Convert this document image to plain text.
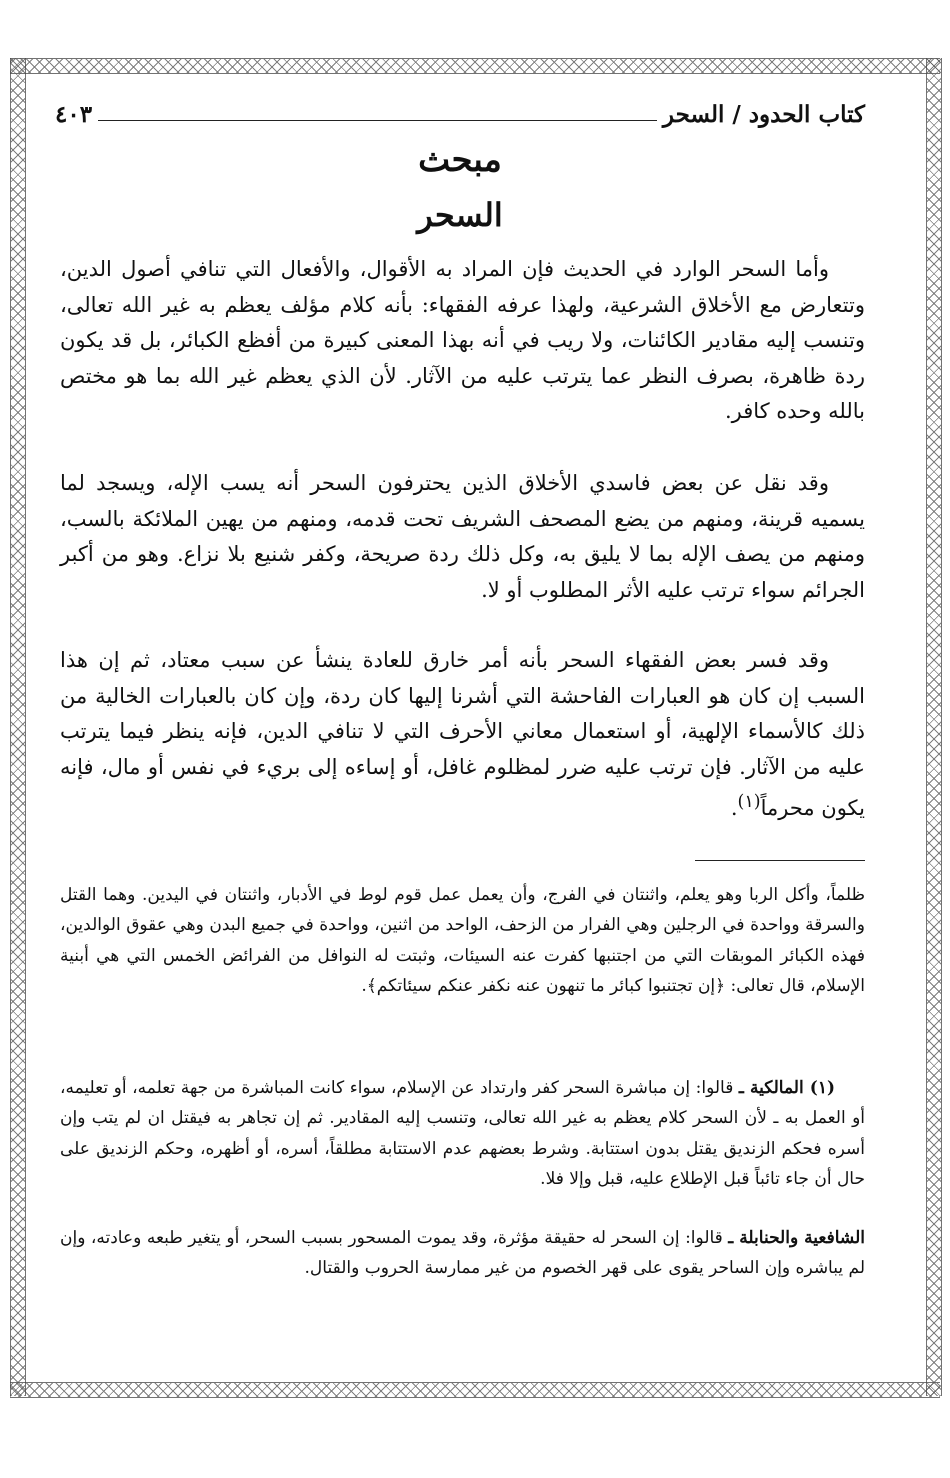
كتاب الحدود / السحر
٤٠٣
مبحث
السحر

وأما السحر الوارد في الحديث فإن المراد به الأقوال، والأفعال التي تنافي أصول الدين، وتتعارض مع الأخلاق الشرعية، ولهذا عرفه الفقهاء: بأنه كلام مؤلف يعظم به غير الله تعالى، وتنسب إليه مقادير الكائنات، ولا ريب في أنه بهذا المعنى كبيرة من أفظع الكبائر، بل قد يكون ردة ظاهرة، بصرف النظر عما يترتب عليه من الآثار. لأن الذي يعظم غير الله بما هو مختص بالله وحده كافر.

وقد نقل عن بعض فاسدي الأخلاق الذين يحترفون السحر أنه يسب الإله، ويسجد لما يسميه قرينة، ومنهم من يضع المصحف الشريف تحت قدمه، ومنهم من يهين الملائكة بالسب، ومنهم من يصف الإله بما لا يليق به، وكل ذلك ردة صريحة، وكفر شنيع بلا نزاع. وهو من أكبر الجرائم سواء ترتب عليه الأثر المطلوب أو لا.

وقد فسر بعض الفقهاء السحر بأنه أمر خارق للعادة ينشأ عن سبب معتاد، ثم إن هذا السبب إن كان هو العبارات الفاحشة التي أشرنا إليها كان ردة، وإن كان بالعبارات الخالية من ذلك كالأسماء الإلهية، أو استعمال معاني الأحرف التي لا تنافي الدين، فإنه ينظر فيما يترتب عليه من الآثار. فإن ترتب عليه ضرر لمظلوم غافل، أو إساءه إلى بريء في نفس أو مال، فإنه يكون محرماً$^{(١)}$.

ظلماً، وأكل الربا وهو يعلم، واثنتان في الفرج، وأن يعمل عمل قوم لوط في الأدبار، واثنتان في اليدين. وهما القتل والسرقة وواحدة في الرجلين وهي الفرار من الزحف، الواحد من اثنين، وواحدة في جميع البدن وهي عقوق الوالدين، فهذه الكبائر الموبقات التي من اجتنبها كفرت عنه السيئات، وثبتت له النوافل من الفرائض الخمس التي هي أبنية الإسلام، قال تعالى: ﴿إن تجتنبوا كبائر ما تنهون عنه نكفر عنكم سيئاتكم﴾.

(١) المالكية ـ قالوا: إن مباشرة السحر كفر وارتداد عن الإسلام، سواء كانت المباشرة من جهة تعلمه، أو تعليمه، أو العمل به ـ لأن السحر كلام يعظم به غير الله تعالى، وتنسب إليه المقادير. ثم إن تجاهر به فيقتل ان لم يتب وإن أسره فحكم الزنديق يقتل بدون استتابة. وشرط بعضهم عدم الاستتابة مطلقاً، أسره، أو أظهره، وحكم الزنديق على حال أن جاء تائباً قبل الإطلاع عليه، قبل وإلا فلا.

الشافعية والحنابلة ـ قالوا: إن السحر له حقيقة مؤثرة، وقد يموت المسحور بسبب السحر، أو يتغير طبعه وعادته، وإن لم يباشره وإن الساحر يقوى على قهر الخصوم من غير ممارسة الحروب والقتال.
